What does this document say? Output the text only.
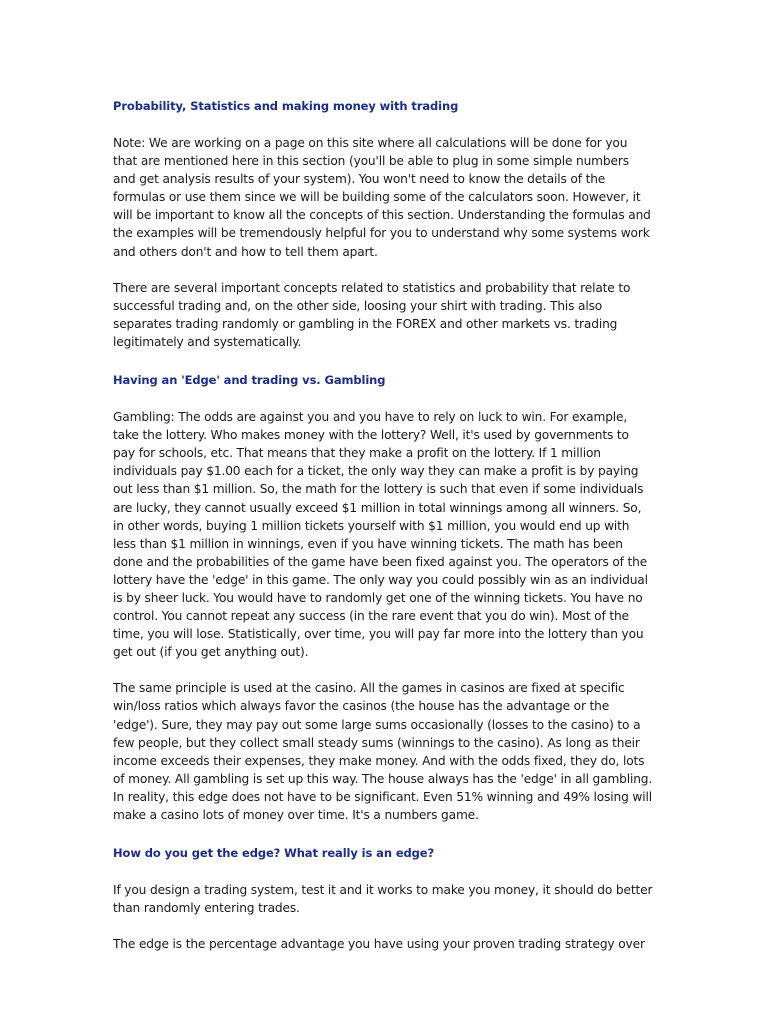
Probability, Statistics and making money with trading

Note: We are working on a page on this site where all calculations will be done for you that are mentioned here in this section (you'll be able to plug in some simple numbers and get analysis results of your system). You won't need to know the details of the formulas or use them since we will be building some of the calculators soon. However, it will be important to know all the concepts of this section. Understanding the formulas and the examples will be tremendously helpful for you to understand why some systems work and others don't and how to tell them apart.

There are several important concepts related to statistics and probability that relate to successful trading and, on the other side, loosing your shirt with trading. This also separates trading randomly or gambling in the FOREX and other markets vs. trading legitimately and systematically.

Having an 'Edge' and trading vs. Gambling

Gambling: The odds are against you and you have to rely on luck to win. For example, take the lottery. Who makes money with the lottery? Well, it's used by governments to pay for schools, etc. That means that they make a profit on the lottery. If 1 million individuals pay $1.00 each for a ticket, the only way they can make a profit is by paying out less than $1 million. So, the math for the lottery is such that even if some individuals are lucky, they cannot usually exceed $1 million in total winnings among all winners. So, in other words, buying 1 million tickets yourself with $1 million, you would end up with less than $1 million in winnings, even if you have winning tickets. The math has been done and the probabilities of the game have been fixed against you. The operators of the lottery have the 'edge' in this game. The only way you could possibly win as an individual is by sheer luck. You would have to randomly get one of the winning tickets. You have no control. You cannot repeat any success (in the rare event that you do win). Most of the time, you will lose. Statistically, over time, you will pay far more into the lottery than you get out (if you get anything out).

The same principle is used at the casino. All the games in casinos are fixed at specific win/loss ratios which always favor the casinos (the house has the advantage or the 'edge'). Sure, they may pay out some large sums occasionally (losses to the casino) to a few people, but they collect small steady sums (winnings to the casino). As long as their income exceeds their expenses, they make money. And with the odds fixed, they do, lots of money. All gambling is set up this way. The house always has the 'edge' in all gambling. In reality, this edge does not have to be significant. Even 51% winning and 49% losing will make a casino lots of money over time. It's a numbers game.

How do you get the edge? What really is an edge?

If you design a trading system, test it and it works to make you money, it should do better than randomly entering trades.

The edge is the percentage advantage you have using your proven trading strategy over
